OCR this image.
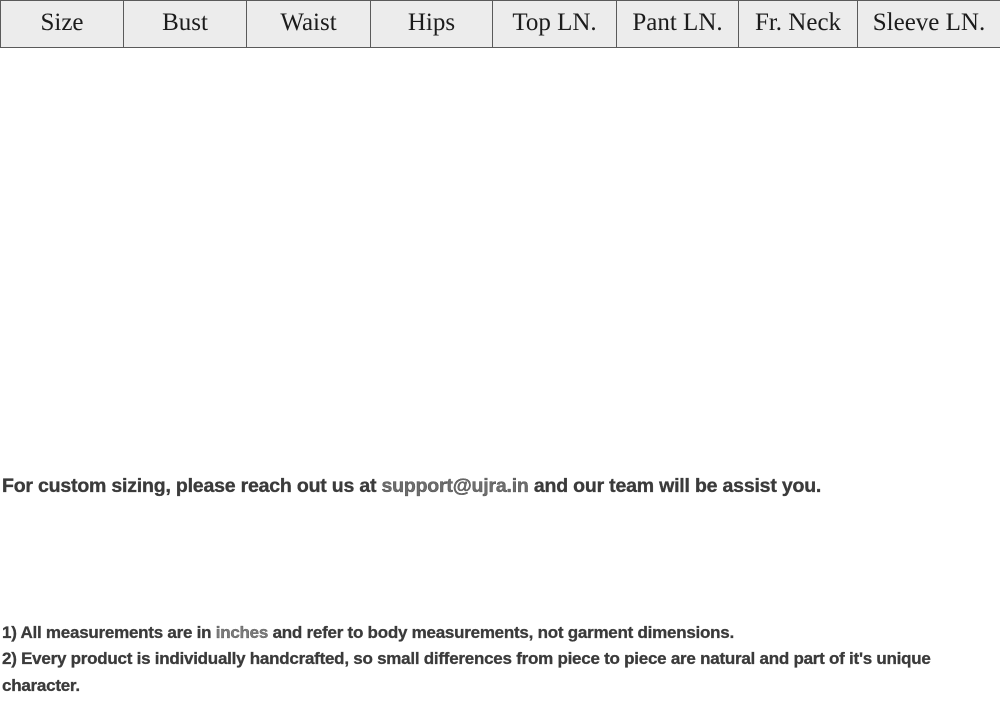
Size	Bust	Waist	Hips	Top LN.	Pant LN.	Fr. Neck	Sleeve LN.
For custom sizing, please reach out us at support@ujra.in and our team will be assist you.
1) All measurements are in inches and refer to body measurements, not garment dimensions.
2) Every product is individually handcrafted, so small differences from piece to piece are natural and part of it's unique character.
